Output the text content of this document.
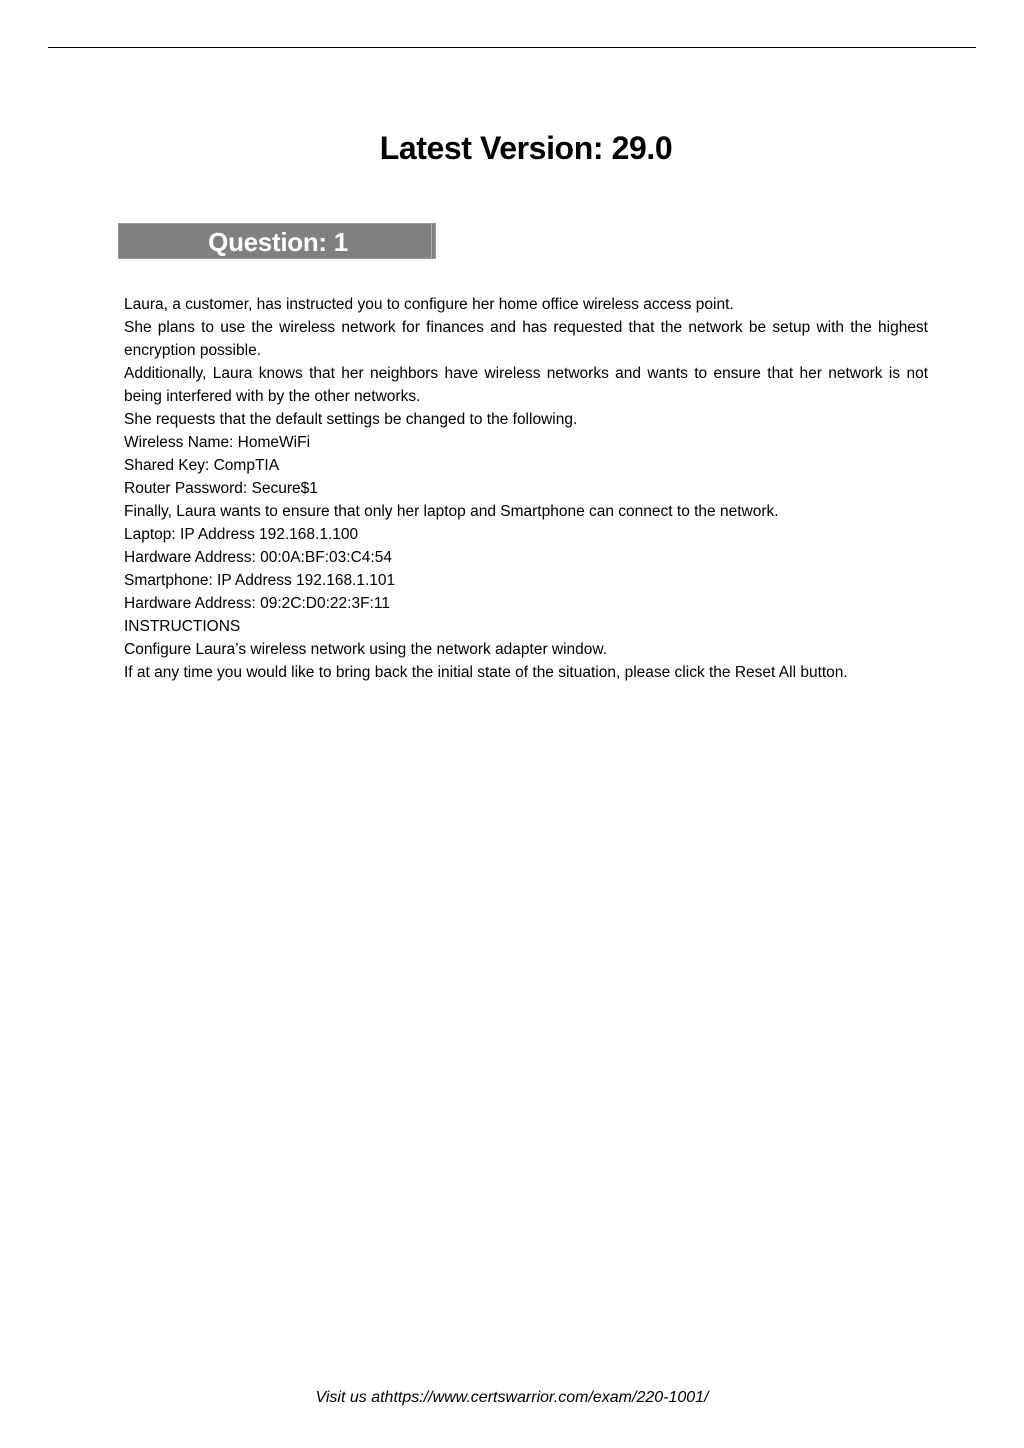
Latest Version: 29.0
Question: 1

Laura, a customer, has instructed you to configure her home office wireless access point.

She plans to use the wireless network for finances and has requested that the network be setup with the highest encryption possible.

Additionally, Laura knows that her neighbors have wireless networks and wants to ensure that her network is not being interfered with by the other networks.

She requests that the default settings be changed to the following.

Wireless Name: HomeWiFi

Shared Key: CompTIA

Router Password: Secure$1

Finally, Laura wants to ensure that only her laptop and Smartphone can connect to the network.

Laptop: IP Address 192.168.1.100

Hardware Address: 00:0A:BF:03:C4:54

Smartphone: IP Address 192.168.1.101

Hardware Address: 09:2C:D0:22:3F:11

INSTRUCTIONS

Configure Laura’s wireless network using the network adapter window.

If at any time you would like to bring back the initial state of the situation, please click the Reset All button.

Visit us athttps://www.certswarrior.com/exam/220-1001/
